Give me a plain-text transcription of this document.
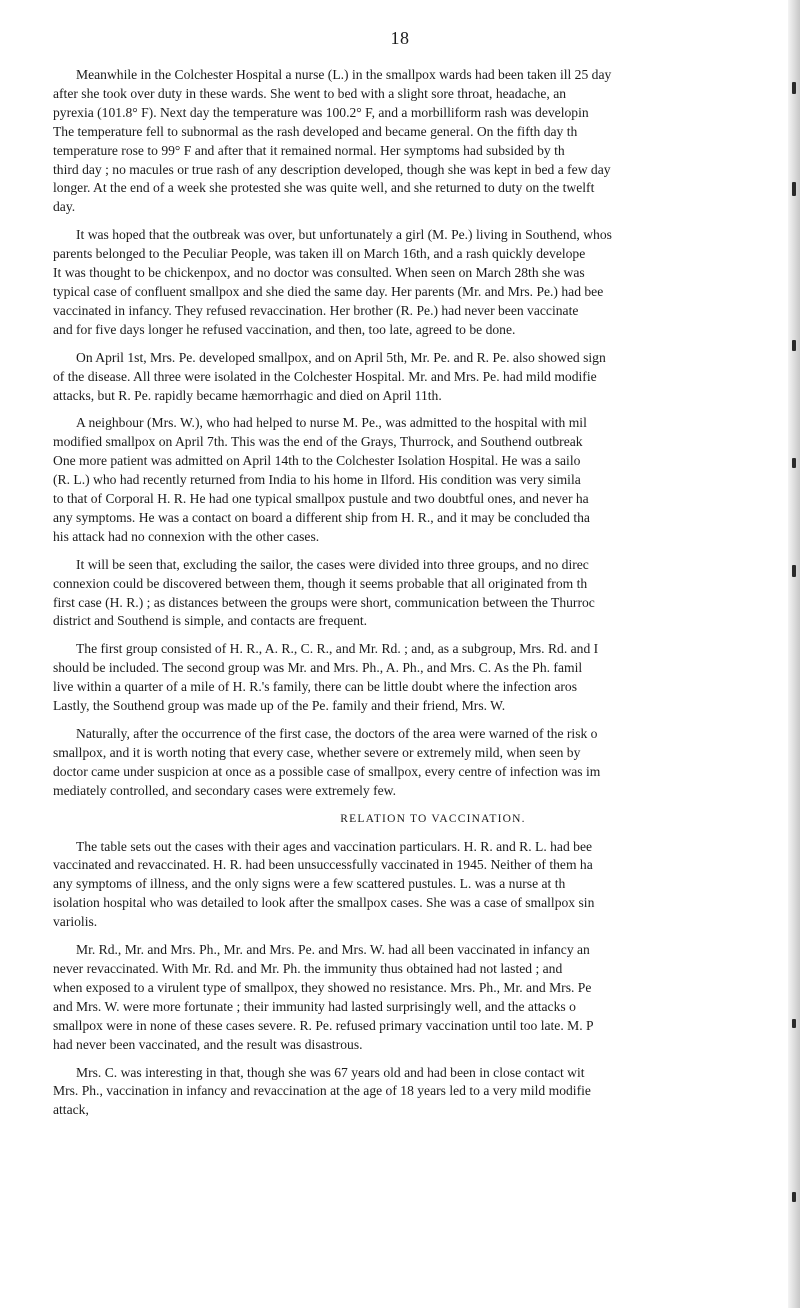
18

Meanwhile in the Colchester Hospital a nurse (L.) in the smallpox wards had been taken ill 25 day
after she took over duty in these wards. She went to bed with a slight sore throat, headache, an
pyrexia (101.8° F). Next day the temperature was 100.2° F, and a morbilliform rash was developin
The temperature fell to subnormal as the rash developed and became general. On the fifth day th
temperature rose to 99° F and after that it remained normal. Her symptoms had subsided by th
third day ; no macules or true rash of any description developed, though she was kept in bed a few day
longer. At the end of a week she protested she was quite well, and she returned to duty on the twelft
day.

It was hoped that the outbreak was over, but unfortunately a girl (M. Pe.) living in Southend, whos
parents belonged to the Peculiar People, was taken ill on March 16th, and a rash quickly develope
It was thought to be chickenpox, and no doctor was consulted. When seen on March 28th she was
typical case of confluent smallpox and she died the same day. Her parents (Mr. and Mrs. Pe.) had bee
vaccinated in infancy. They refused revaccination. Her brother (R. Pe.) had never been vaccinate
and for five days longer he refused vaccination, and then, too late, agreed to be done.

On April 1st, Mrs. Pe. developed smallpox, and on April 5th, Mr. Pe. and R. Pe. also showed sign
of the disease. All three were isolated in the Colchester Hospital. Mr. and Mrs. Pe. had mild modifie
attacks, but R. Pe. rapidly became hæmorrhagic and died on April 11th.

A neighbour (Mrs. W.), who had helped to nurse M. Pe., was admitted to the hospital with mil
modified smallpox on April 7th. This was the end of the Grays, Thurrock, and Southend outbreak
One more patient was admitted on April 14th to the Colchester Isolation Hospital. He was a sailo
(R. L.) who had recently returned from India to his home in Ilford. His condition was very simila
to that of Corporal H. R. He had one typical smallpox pustule and two doubtful ones, and never ha
any symptoms. He was a contact on board a different ship from H. R., and it may be concluded tha
his attack had no connexion with the other cases.

It will be seen that, excluding the sailor, the cases were divided into three groups, and no direc
connexion could be discovered between them, though it seems probable that all originated from th
first case (H. R.) ; as distances between the groups were short, communication between the Thurroc
district and Southend is simple, and contacts are frequent.

The first group consisted of H. R., A. R., C. R., and Mr. Rd. ; and, as a subgroup, Mrs. Rd. and I
should be included. The second group was Mr. and Mrs. Ph., A. Ph., and Mrs. C. As the Ph. famil
live within a quarter of a mile of H. R.'s family, there can be little doubt where the infection aros
Lastly, the Southend group was made up of the Pe. family and their friend, Mrs. W.

Naturally, after the occurrence of the first case, the doctors of the area were warned of the risk o
smallpox, and it is worth noting that every case, whether severe or extremely mild, when seen by
doctor came under suspicion at once as a possible case of smallpox, every centre of infection was im
mediately controlled, and secondary cases were extremely few.

RELATION TO VACCINATION.

The table sets out the cases with their ages and vaccination particulars. H. R. and R. L. had bee
vaccinated and revaccinated. H. R. had been unsuccessfully vaccinated in 1945. Neither of them ha
any symptoms of illness, and the only signs were a few scattered pustules. L. was a nurse at th
isolation hospital who was detailed to look after the smallpox cases. She was a case of smallpox sin
variolis.

Mr. Rd., Mr. and Mrs. Ph., Mr. and Mrs. Pe. and Mrs. W. had all been vaccinated in infancy an
never revaccinated. With Mr. Rd. and Mr. Ph. the immunity thus obtained had not lasted ; and
when exposed to a virulent type of smallpox, they showed no resistance. Mrs. Ph., Mr. and Mrs. Pe
and Mrs. W. were more fortunate ; their immunity had lasted surprisingly well, and the attacks o
smallpox were in none of these cases severe. R. Pe. refused primary vaccination until too late. M. P
had never been vaccinated, and the result was disastrous.

Mrs. C. was interesting in that, though she was 67 years old and had been in close contact wit
Mrs. Ph., vaccination in infancy and revaccination at the age of 18 years led to a very mild modifie
attack,
